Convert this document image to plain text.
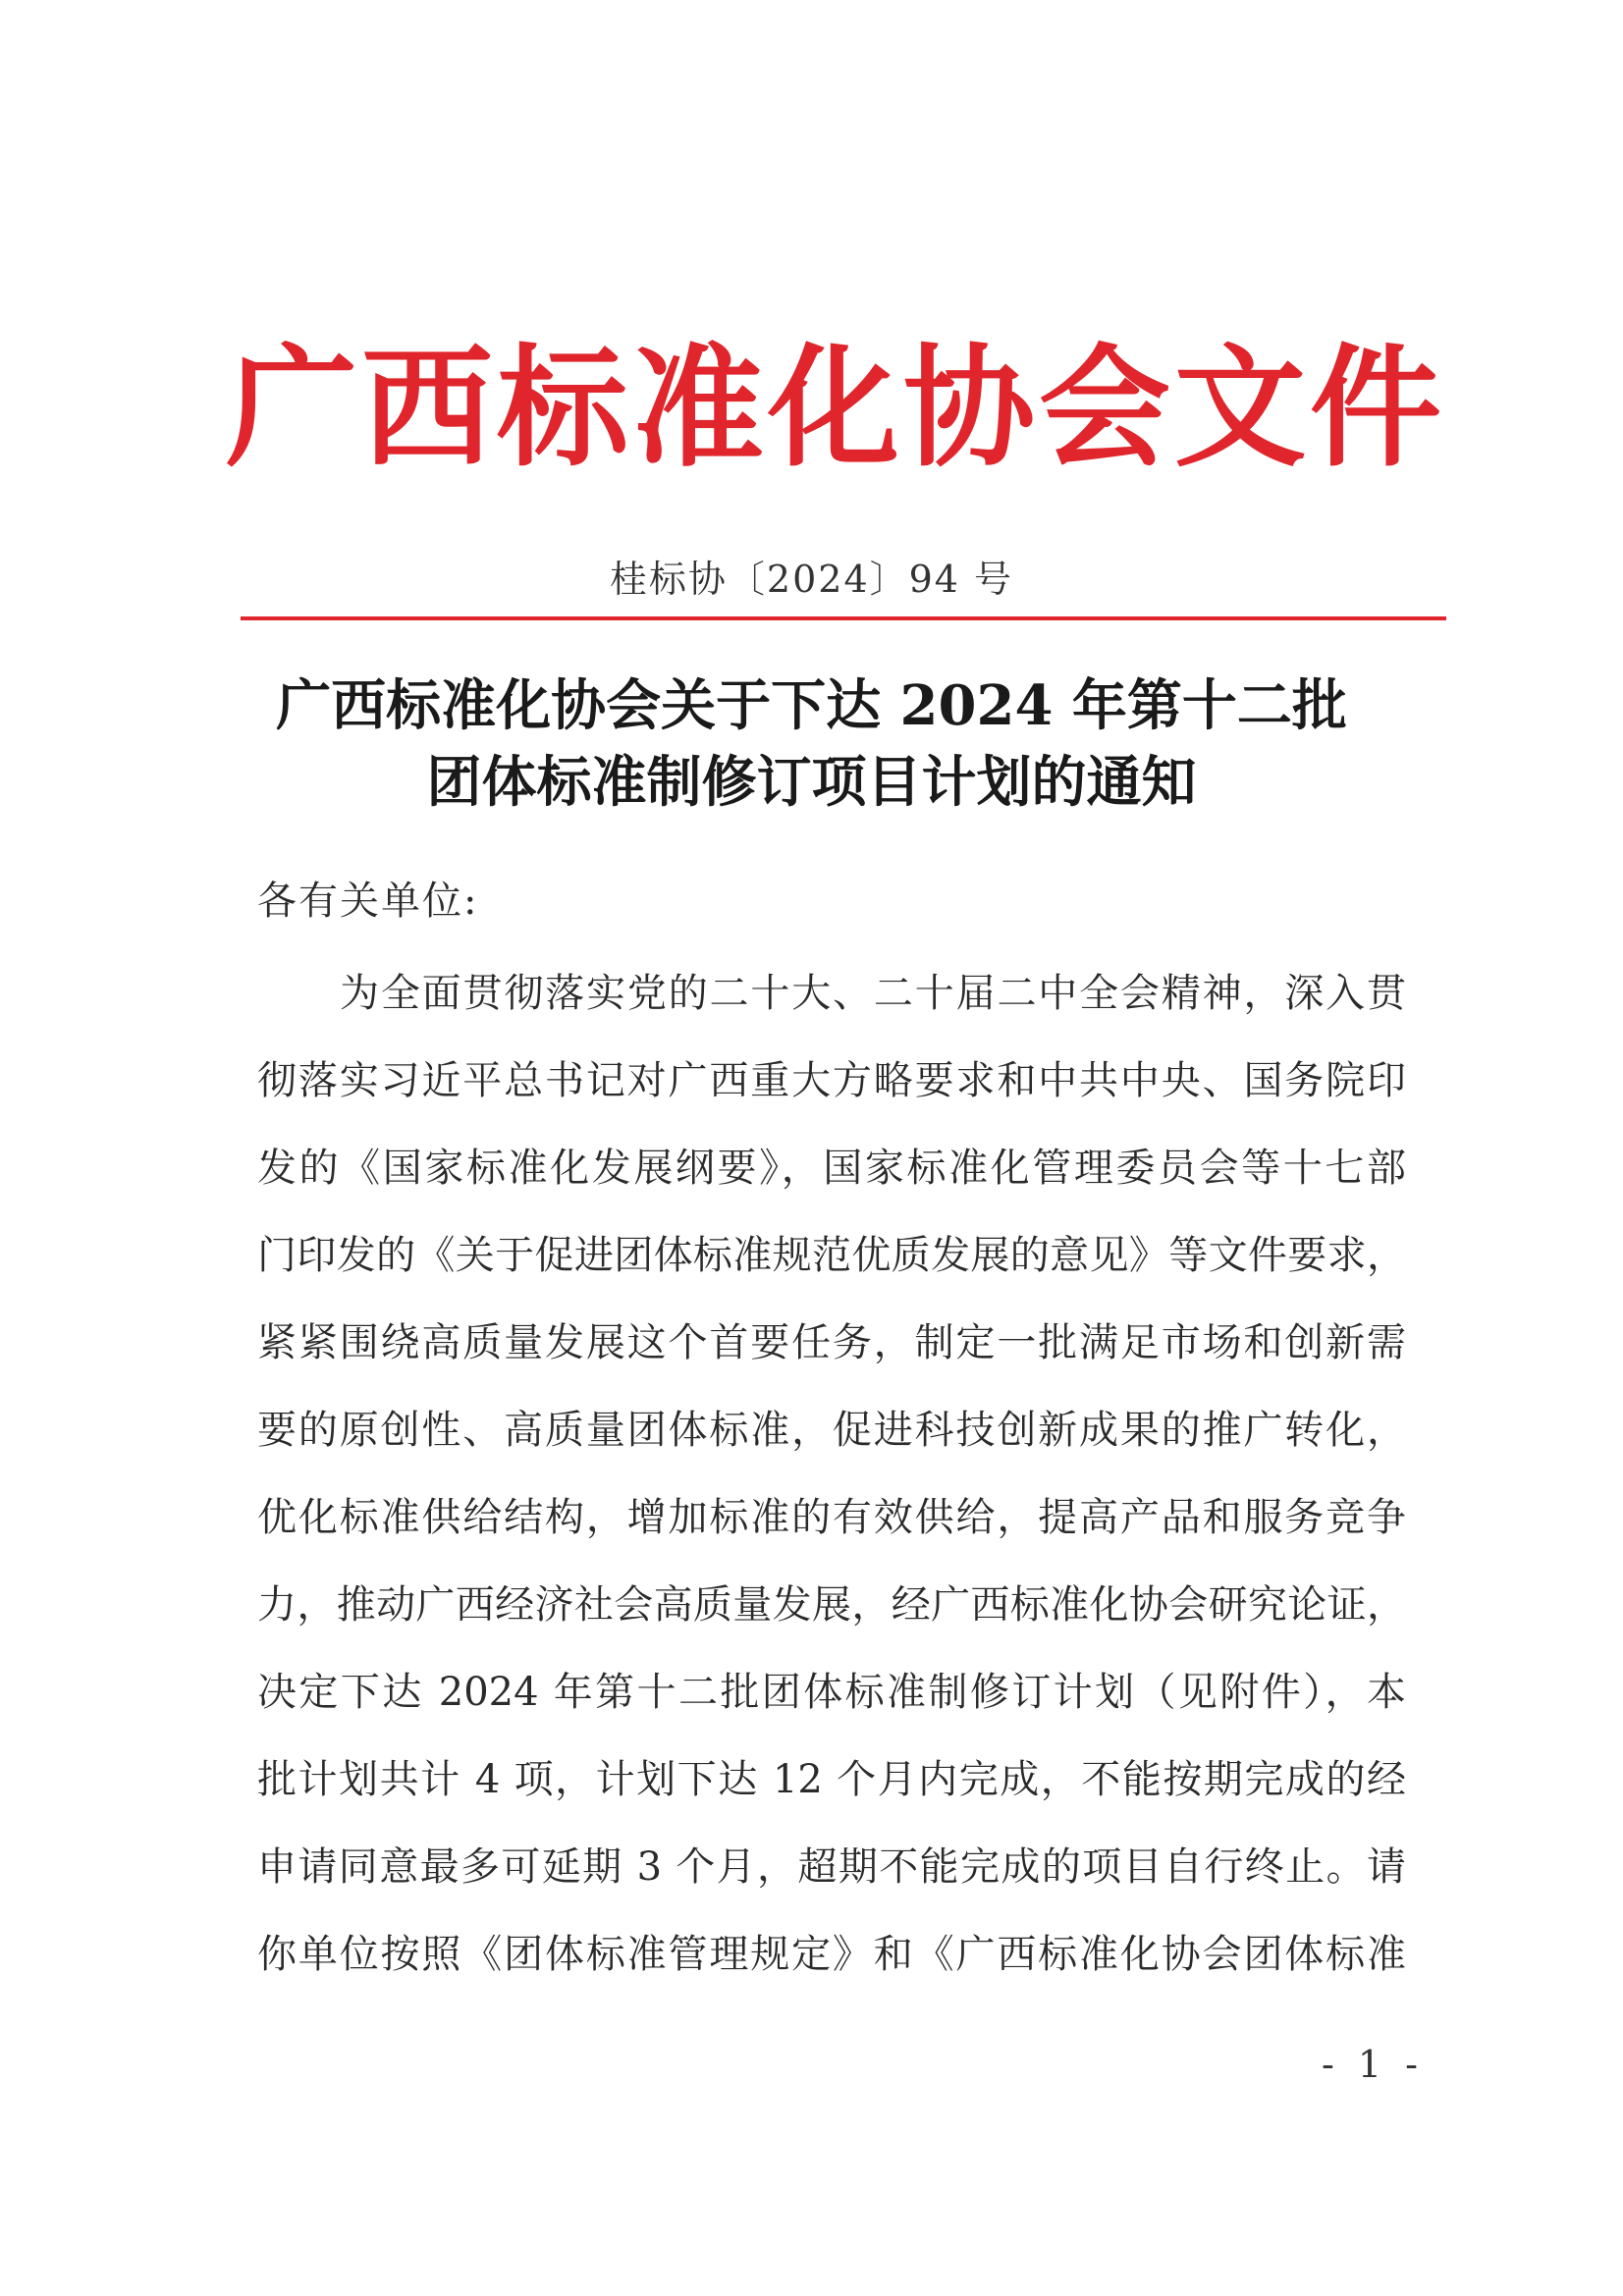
广西标准化协会文件
桂标协〔2024〕94 号
广西标准化协会关于下达 2024 年第十二批
团体标准制修订项目计划的通知
各有关单位:
为全面贯彻落实党的二十大、二十届二中全会精神，深入贯
彻落实习近平总书记对广西重大方略要求和中共中央、国务院印
发的《国家标准化发展纲要》，国家标准化管理委员会等十七部
门印发的《关于促进团体标准规范优质发展的意见》等文件要求，
紧紧围绕高质量发展这个首要任务，制定一批满足市场和创新需
要的原创性、高质量团体标准，促进科技创新成果的推广转化，
优化标准供给结构，增加标准的有效供给，提高产品和服务竞争
力，推动广西经济社会高质量发展，经广西标准化协会研究论证，
决定下达 2024 年第十二批团体标准制修订计划（见附件），本
批计划共计 4 项，计划下达 12 个月内完成，不能按期完成的经
申请同意最多可延期 3 个月，超期不能完成的项目自行终止。请
你单位按照《团体标准管理规定》和《广西标准化协会团体标准
- 1 -
